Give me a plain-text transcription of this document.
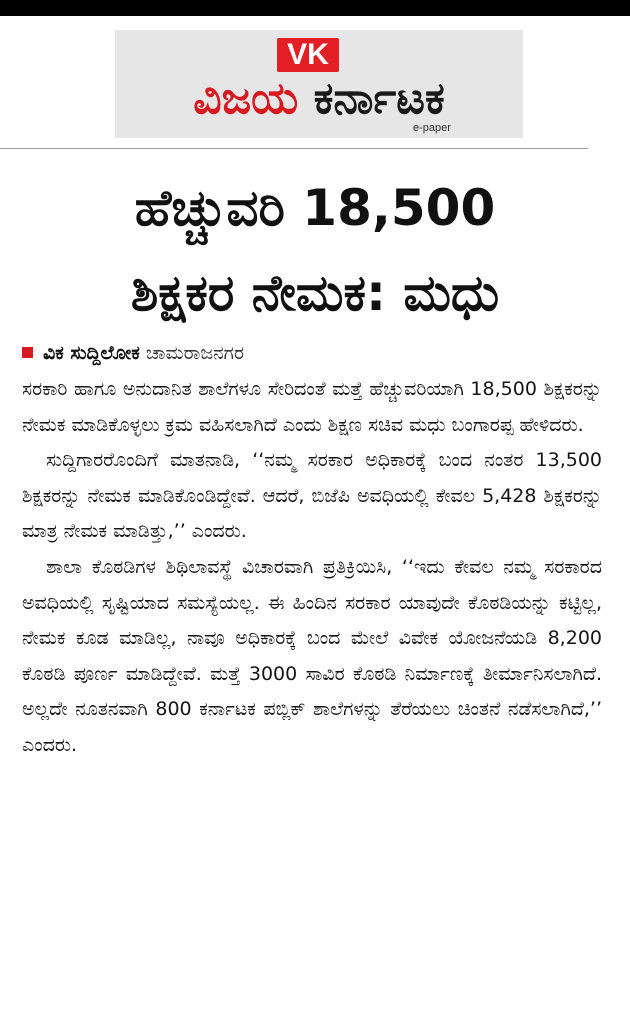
VK
ವಿಜಯ ಕರ್ನಾಟಕ
e-paper
ಹೆಚ್ಚುವರಿ 18,500
ಶಿಕ್ಷಕರ ನೇಮಕ: ಮಧು
ವಿಕ ಸುದ್ದಿಲೋಕ ಚಾಮರಾಜನಗರ

ಸರಕಾರಿ ಹಾಗೂ ಅನುದಾನಿತ ಶಾಲೆಗಳೂ ಸೇರಿದಂತೆ ಮತ್ತೆ ಹೆಚ್ಚುವರಿಯಾಗಿ 18,500 ಶಿಕ್ಷಕರನ್ನು ನೇಮಕ ಮಾಡಿಕೊಳ್ಳಲು ಕ್ರಮ ವಹಿಸಲಾಗಿದೆ ಎಂದು ಶಿಕ್ಷಣ ಸಚಿವ ಮಧು ಬಂಗಾರಪ್ಪ ಹೇಳಿದರು.

ಸುದ್ದಿಗಾರರೊಂದಿಗೆ ಮಾತನಾಡಿ, ‘‘ನಮ್ಮ ಸರಕಾರ ಅಧಿಕಾರಕ್ಕೆ ಬಂದ ನಂತರ 13,500 ಶಿಕ್ಷಕರನ್ನು ನೇಮಕ ಮಾಡಿಕೊಂಡಿದ್ದೇವೆ. ಆದರೆ, ಬಿಜೆಪಿ ಅವಧಿಯಲ್ಲಿ ಕೇವಲ 5,428 ಶಿಕ್ಷಕರನ್ನು ಮಾತ್ರ ನೇಮಕ ಮಾಡಿತ್ತು,’’ ಎಂದರು.

ಶಾಲಾ ಕೊಠಡಿಗಳ ಶಿಥಿಲಾವಸ್ಥೆ ವಿಚಾರವಾಗಿ ಪ್ರತಿಕ್ರಿಯಿಸಿ, ‘‘ಇದು ಕೇವಲ ನಮ್ಮ ಸರಕಾರದ ಅವಧಿಯಲ್ಲಿ ಸೃಷ್ಟಿಯಾದ ಸಮಸ್ಯೆಯಲ್ಲ. ಈ ಹಿಂದಿನ ಸರಕಾರ ಯಾವುದೇ ಕೊಠಡಿಯನ್ನು ಕಟ್ಟಿಲ್ಲ, ನೇಮಕ ಕೂಡ ಮಾಡಿಲ್ಲ, ನಾವೂ ಅಧಿಕಾರಕ್ಕೆ ಬಂದ ಮೇಲೆ ವಿವೇಕ ಯೋಜನೆಯಡಿ 8,200 ಕೊಠಡಿ ಪೂರ್ಣ ಮಾಡಿದ್ದೇವೆ. ಮತ್ತೆ 3000 ಸಾವಿರ ಕೊಠಡಿ ನಿರ್ಮಾಣಕ್ಕೆ ತೀರ್ಮಾನಿಸಲಾಗಿದೆ. ಅಲ್ಲದೇ ನೂತನವಾಗಿ 800 ಕರ್ನಾಟಕ ಪಬ್ಲಿಕ್ ಶಾಲೆಗಳನ್ನು ತೆರೆಯಲು ಚಿಂತನೆ ನಡೆಸಲಾಗಿದೆ,’’ ಎಂದರು.
